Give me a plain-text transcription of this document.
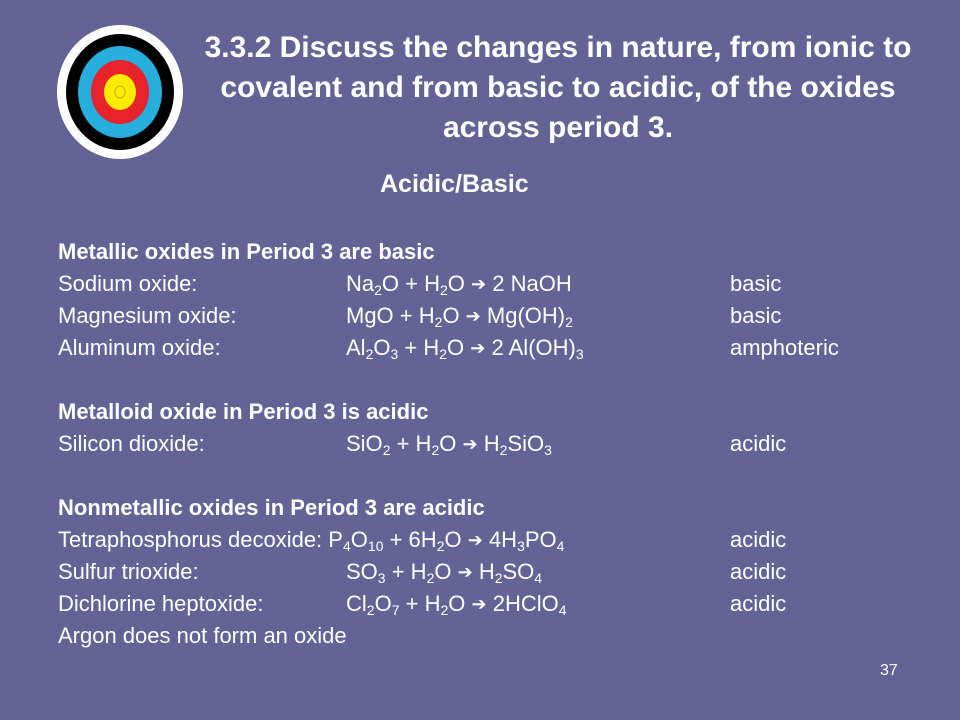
3.3.2 Discuss the changes in nature, from ionic to covalent and from basic to acidic, of the oxides across period 3.
Acidic/Basic
Metallic oxides in Period 3 are basic
Sodium oxide:	$Na_2O + H_2O$ ➔ 2 NaOH	basic
Magnesium oxide:	MgO + $H_2O$ ➔ $Mg(OH)_2$	basic
Aluminum oxide:	$Al_2O_3 + H_2O$ ➔ 2 $Al(OH)_3$	amphoteric
Metalloid oxide in Period 3 is acidic
Silicon dioxide:	$SiO_2 + H_2O$ ➔ $H_2SiO_3$	acidic
Nonmetallic oxides in Period 3 are acidic
Tetraphosphorus decoxide: $P_4O_{10} + 6H_2O$ ➔ $4H_3PO_4$	acidic
Sulfur trioxide:	$SO_3 + H_2O$ ➔ $H_2SO_4$	acidic
Dichlorine heptoxide:	$Cl_2O_7 + H_2O$ ➔ 2HClO$_4$	acidic
Argon does not form an oxide
37
